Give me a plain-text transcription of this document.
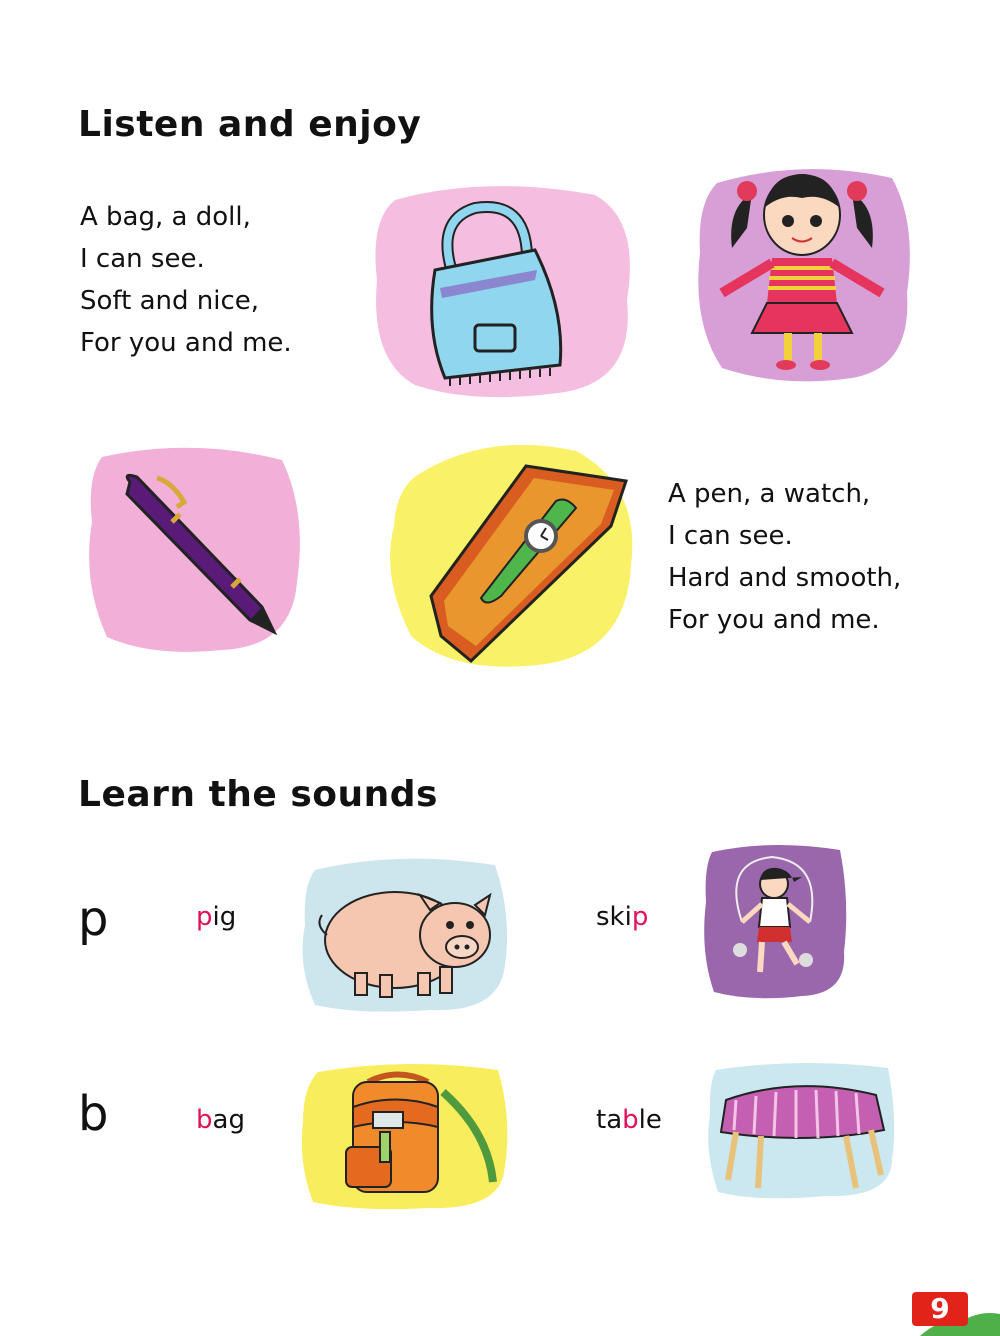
Listen and enjoy
A bag, a doll,
I can see.
Soft and nice,
For you and me.
A pen, a watch,
I can see.
Hard and smooth,
For you and me.
Learn the sounds
p	pig	skip
b	bag	table
9
